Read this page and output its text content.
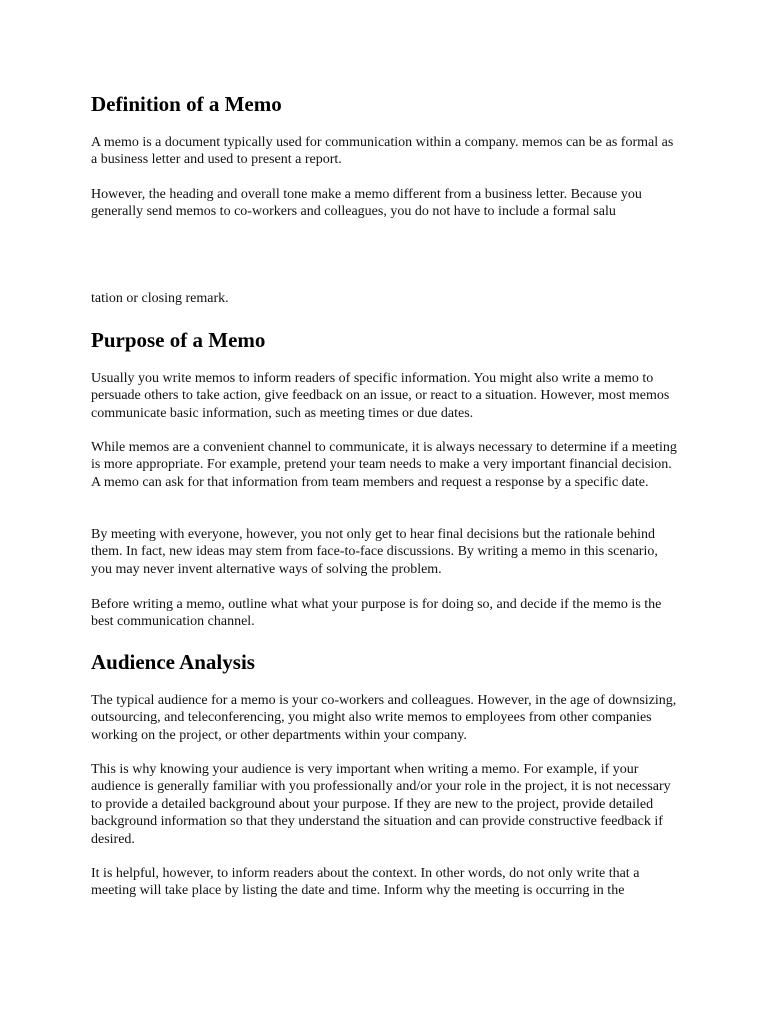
Definition of a Memo

A memo is a document typically used for communication within a company. memos can be as formal as a business letter and used to present a report.

However, the heading and overall tone make a memo different from a business letter. Because you generally send memos to co-workers and colleagues, you do not have to include a formal salu

tation or closing remark.

Purpose of a Memo

Usually you write memos to inform readers of specific information. You might also write a memo to persuade others to take action, give feedback on an issue, or react to a situation. However, most memos communicate basic information, such as meeting times or due dates.

While memos are a convenient channel to communicate, it is always necessary to determine if a meeting is more appropriate. For example, pretend your team needs to make a very important financial decision. A memo can ask for that information from team members and request a response by a specific date.

By meeting with everyone, however, you not only get to hear final decisions but the rationale behind them. In fact, new ideas may stem from face-to-face discussions. By writing a memo in this scenario, you may never invent alternative ways of solving the problem.

Before writing a memo, outline what what your purpose is for doing so, and decide if the memo is the best communication channel.

Audience Analysis

The typical audience for a memo is your co-workers and colleagues. However, in the age of downsizing, outsourcing, and teleconferencing, you might also write memos to employees from other companies working on the project, or other departments within your company.

This is why knowing your audience is very important when writing a memo. For example, if your audience is generally familiar with you professionally and/or your role in the project, it is not necessary to provide a detailed background about your purpose. If they are new to the project, provide detailed background information so that they understand the situation and can provide constructive feedback if desired.

It is helpful, however, to inform readers about the context. In other words, do not only write that a meeting will take place by listing the date and time. Inform why the meeting is occurring in the
